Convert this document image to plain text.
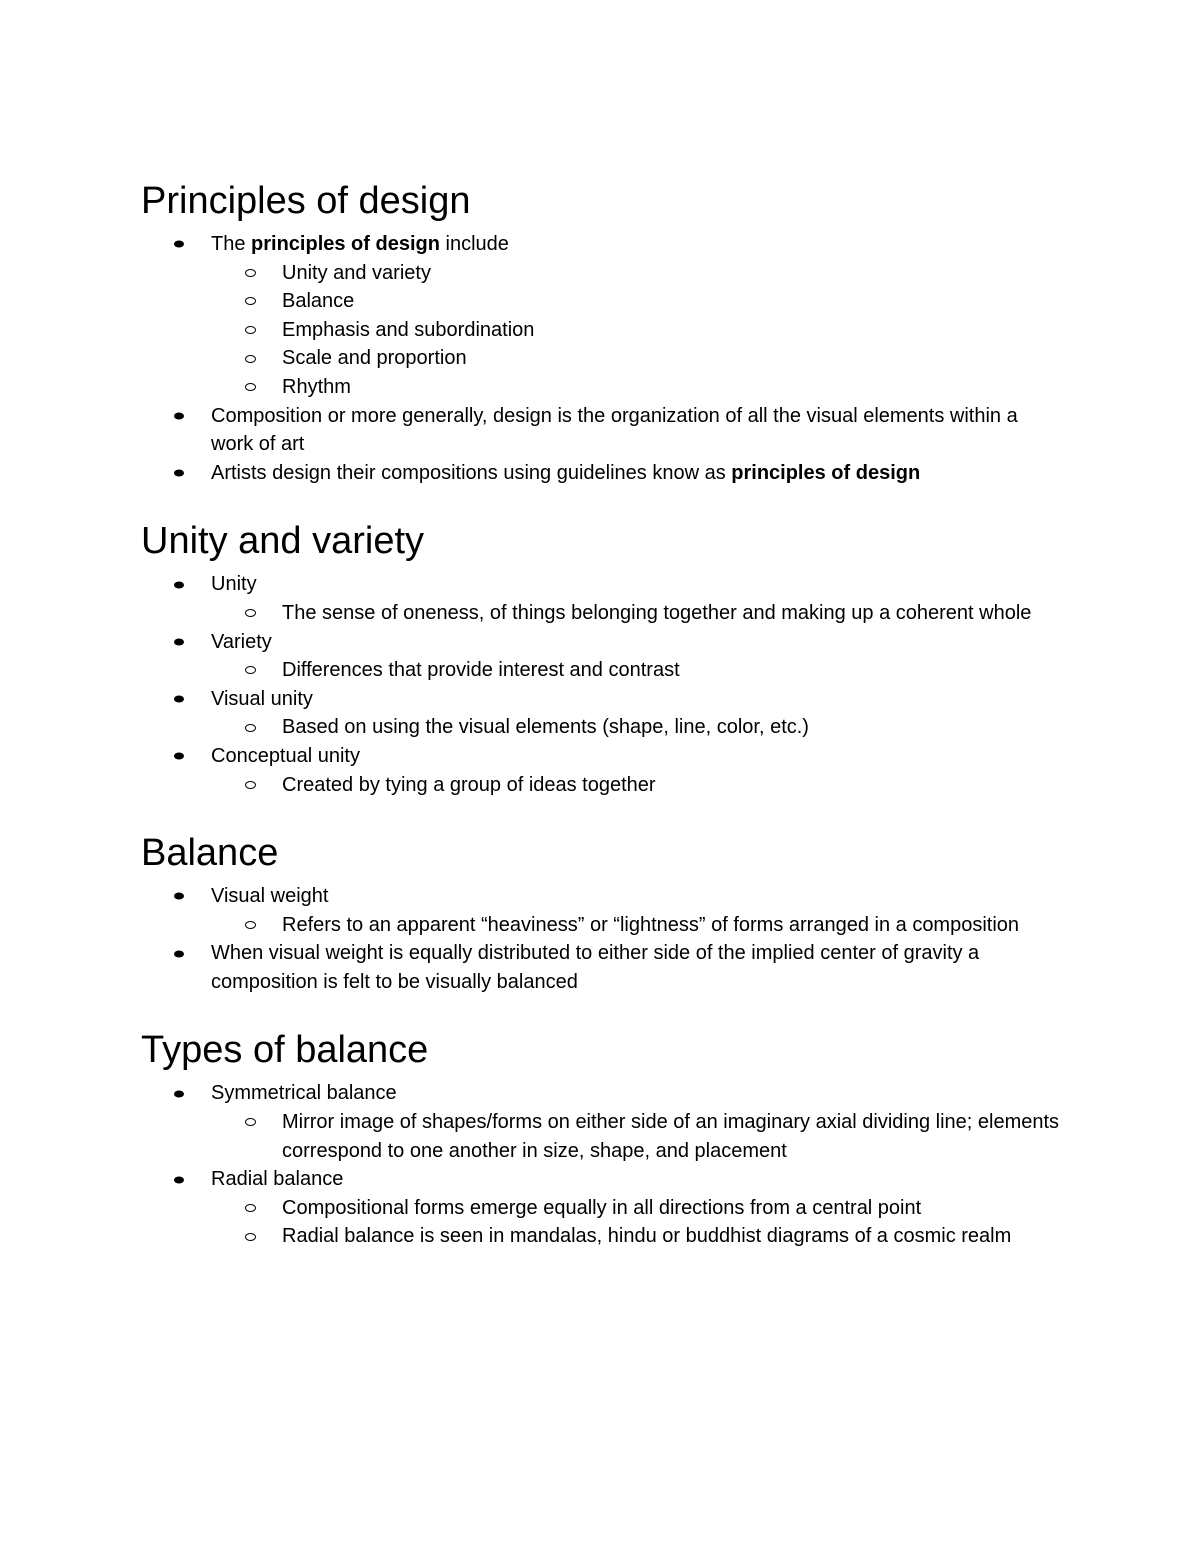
Principles of design
The principles of design include
Unity and variety
Balance
Emphasis and subordination
Scale and proportion
Rhythm
Composition or more generally, design is the organization of all the visual elements within a work of art
Artists design their compositions using guidelines know as principles of design
Unity and variety
Unity
The sense of oneness, of things belonging together and making up a coherent whole
Variety
Differences that provide interest and contrast
Visual unity
Based on using the visual elements (shape, line, color, etc.)
Conceptual unity
Created by tying a group of ideas together
Balance
Visual weight
Refers to an apparent “heaviness” or “lightness” of forms arranged in a composition
When visual weight is equally distributed to either side of the implied center of gravity a composition is felt to be visually balanced
Types of balance
Symmetrical balance
Mirror image of shapes/forms on either side of an imaginary axial dividing line; elements correspond to one another in size, shape, and placement
Radial balance
Compositional forms emerge equally in all directions from a central point
Radial balance is seen in mandalas, hindu or buddhist diagrams of a cosmic realm
